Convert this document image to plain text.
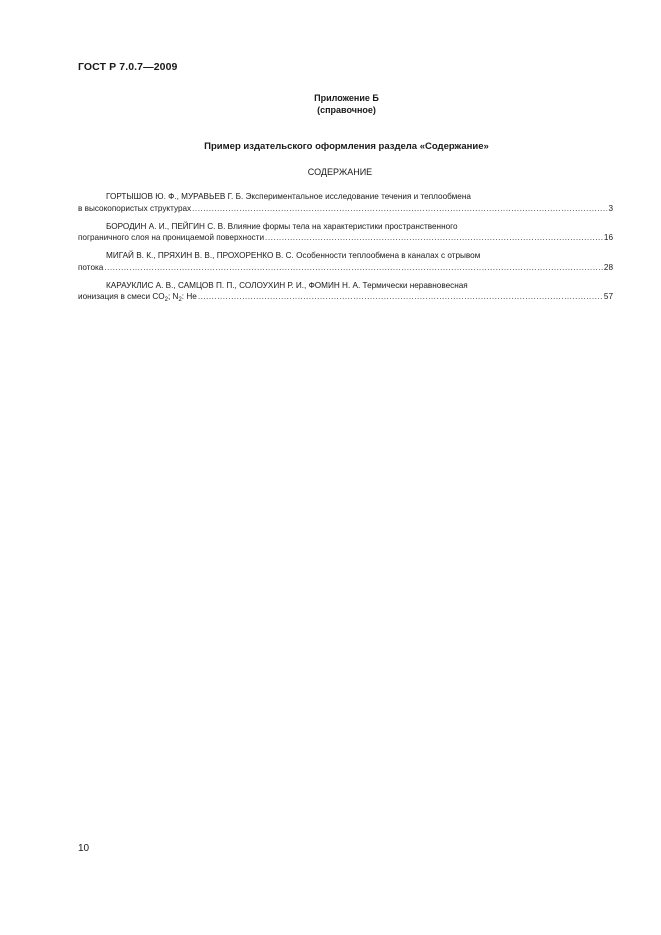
ГОСТ Р 7.0.7—2009
Приложение Б
(справочное)
Пример издательского оформления раздела «Содержание»
СОДЕРЖАНИЕ
ГОРТЫШОВ Ю. Ф., МУРАВЬЕВ Г. Б. Экспериментальное исследование течения и теплообмена
в высокопористых структурах .....	3
БОРОДИН А. И., ПЕЙГИН С. В. Влияние формы тела на характеристики пространственного
пограничного слоя на проницаемой поверхности .....	16
МИГАЙ В. К., ПРЯХИН В. В., ПРОХОРЕНКО В. С. Особенности теплообмена в каналах с отрывом
потока .....	28
КАРАУКЛИС А. В., САМЦОВ П. П., СОЛОУХИН Р. И., ФОМИН Н. А. Термически неравновесная
ионизация в смеси $CO_2$; $N_2$: He .....	57
10
